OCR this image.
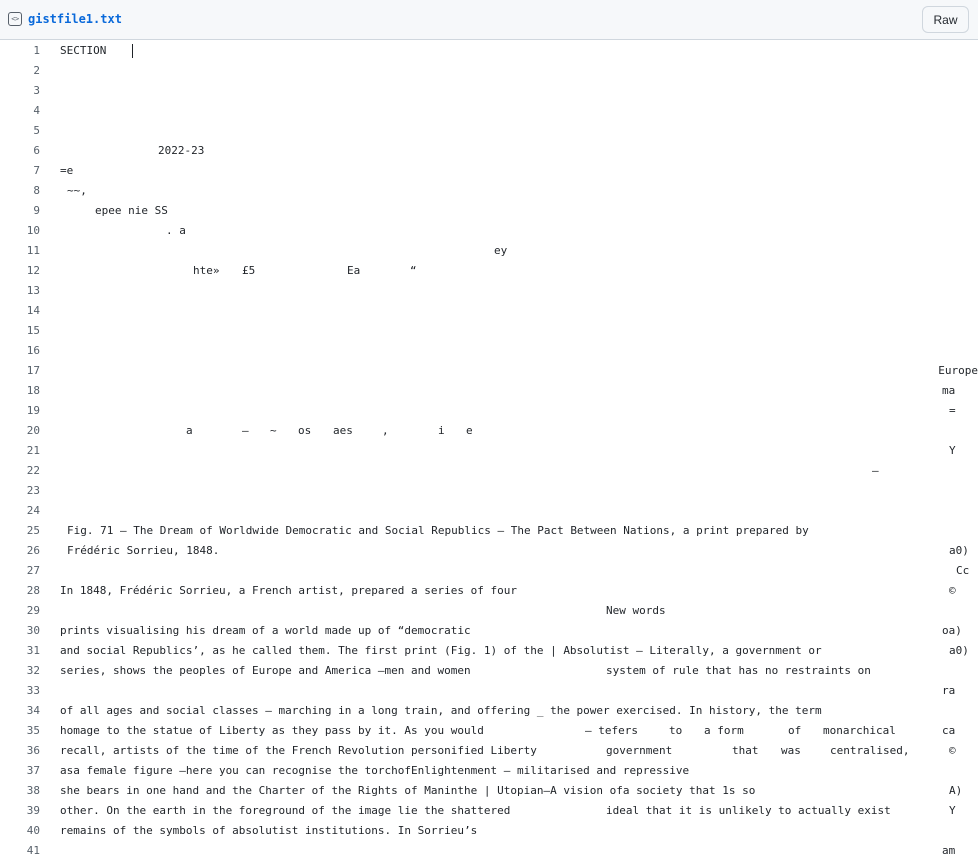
<> gistfile1.txt	Raw
1 SECTION
2
3
4
5
6	2022-23
7 =e
8 ~~,
9	epee nie SS
10	. a
11	ey
12	hte» £5	Ea	“
13
14
15
16
17	Europe
18	ma
19	=
20	a	— ~ os aes	,	i e
21	Y
22	—
23
24
25 Fig. 71 — The Dream of Worldwide Democratic and Social Republics — The Pact Between Nations, a print prepared by
26 Frédéric Sorrieu, 1848.	a0)
27	Cc
28 In 1848, Frédéric Sorrieu, a French artist, prepared a series of four	©
29	New words
30 prints visualising his dream of a world made up of “democratic	oa)
31 and social Republics’, as he called them. The first print (Fig. 1) of the | Absolutist — Literally, a government or	a0)
32 series, shows the peoples of Europe and America —men and women	system of rule that has no restraints on
33	ra
34 of all ages and social classes — marching in a long train, and offering _ the power exercised. In history, the term
35 homage to the statue of Liberty as they pass by it. As you would	— tefers	to a form	of monarchical	ca
36 recall, artists of the time of the French Revolution personified Liberty	government	that was	centralised,	©
37 asa female figure —here you can recognise the torchofEnlightenment — militarised and repressive
38 she bears in one hand and the Charter of the Rights of Maninthe | Utopian—A vision ofa society that 1s so	A)
39 other. On the earth in the foreground of the image lie the shattered	ideal that it is unlikely to actually exist	Y
40 remains of the symbols of absolutist institutions. In Sorrieu’s
41	am
